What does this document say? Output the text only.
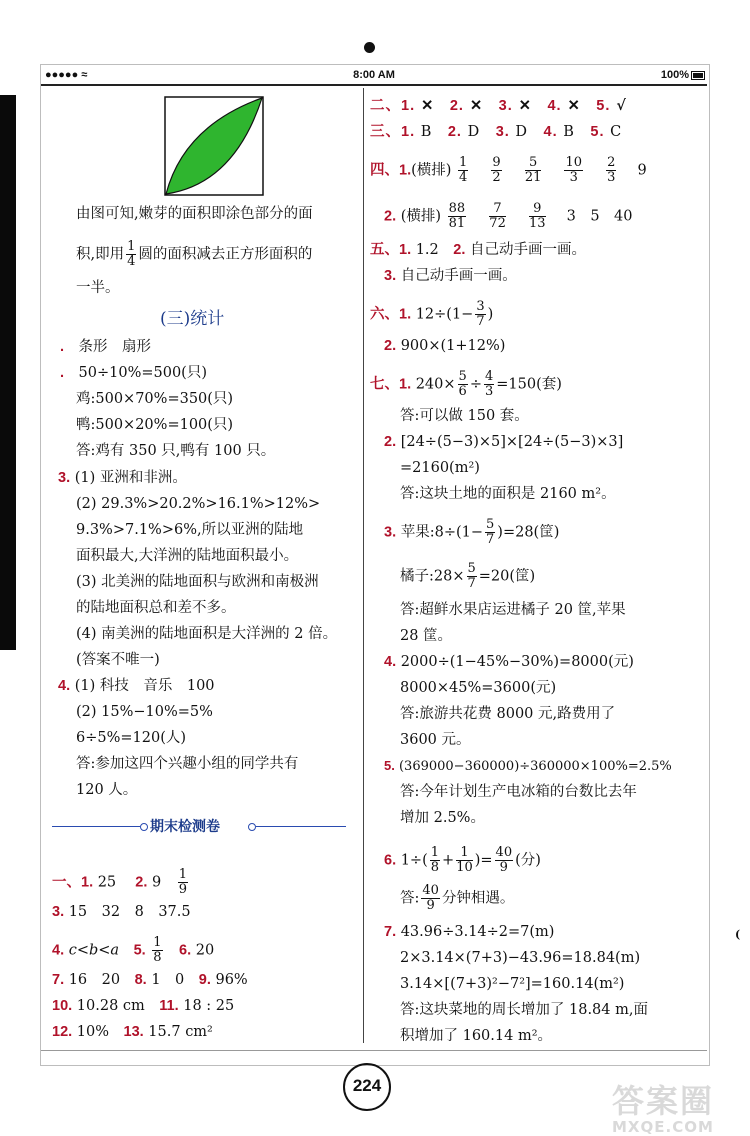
●●●●● ≈	8:00 AM	100%
由图可知,嫩芽的面积即涂色部分的面
积,即用 $\frac{1}{4}$ 圆的面积减去正方形面积的
一半。
(三)统计
.　 条形　扇形
.　 50÷10%=500(只)
鸡:500×70%=350(只)
鸭:500×20%=100(只)
答:鸡有 350 只,鸭有 100 只。
3. (1) 亚洲和非洲。
(2) 29.3%>20.2%>16.1%>12%>
9.3%>7.1%>6%,所以亚洲的陆地
面积最大,大洋洲的陆地面积最小。
(3) 北美洲的陆地面积与欧洲和南极洲
的陆地面积总和差不多。
(4) 南美洲的陆地面积是大洋洲的 2 倍。
(答案不唯一)
4. (1) 科技　音乐　100
(2) 15%−10%=5%
6÷5%=120(人)
答:参加这四个兴趣小组的同学共有
120 人。
期末检测卷
一、1. 25　 2. 9　 $\frac{1}{9}$
3. 15　32　8　37.5
4. c<b<a　 5. $\frac{1}{8}$
　 6. 20
7. 16　20　 8. 1　0　 9. 96%
10. 10.28 cm　 11. 18 : 25
12. 10%　 13. 15.7 cm²
二、1. ✕　 2. ✕　 3. ✕　 4. ✕　 5. √
三、1. B　 2. D　 3. D　 4. B　 5. C
四、1.(横排) $\frac{1}{4}$
　 $\frac{9}{2}$
　 $\frac{5}{21}$
　 $\frac{10}{3}$
　 $\frac{2}{3}$
　 9
2. (横排) $\frac{88}{81}$
　 $\frac{7}{72}$
　 $\frac{9}{13}$
　 3　5　40
五、1. 1.2　 2. 自己动手画一画。
3. 自己动手画一画。
六、1. $12\div(1- \frac{3}{7}$ )
2. 900×(1+12%)
七、1. $240\times \frac{5}{6} \div \frac{4}{3} =150$(套)
答:可以做 150 套。
2. [24÷(5−3)×5]×[24÷(5−3)×3]
=2160(m²)
答:这块土地的面积是 2160 m²。
3. 苹果:8÷(1− $\frac{5}{7} )=28$(筐)
橘子:28× $\frac{5}{7} =20$(筐)
答:超鲜水果店运进橘子 20 筐,苹果
28 筐。
4. 2000÷(1−45%−30%)=8000(元)
8000×45%=3600(元)
答:旅游共花费 8000 元,路费用了
3600 元。
5. (369000−360000)÷360000×100%=2.5%
答:今年计划生产电冰箱的台数比去年
增加 2.5%。
6. $1\div( \frac{1}{8} + \frac{1}{10}$ )= $\frac{40}{9}$ (分)
答: $\frac{40}{9}$ 分钟相遇。
7. 43.96÷3.14÷2=7(m)
2×3.14×(7+3)−43.96=18.84(m)
3.14×[(7+3)²−7²]=160.14(m²)
答:这块菜地的周长增加了 18.84 m,面
积增加了 160.14 m²。
(
224	答案圈
MXQE.COM
